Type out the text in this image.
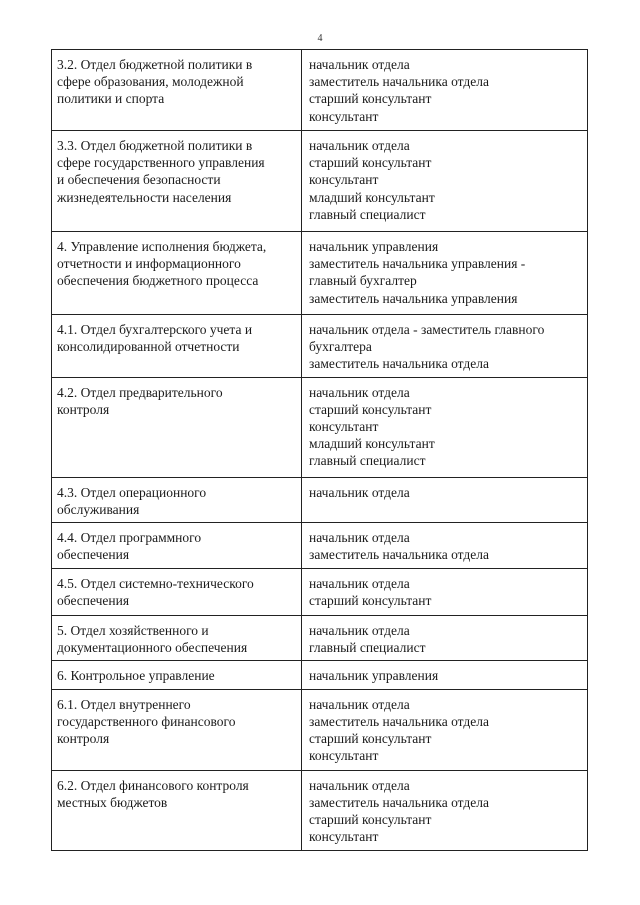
4
3.2. Отдел бюджетной политики в
сфере образования, молодежной
политики и спорта	начальник отдела
заместитель начальника отдела
старший консультант
консультант

3.3. Отдел бюджетной политики в
сфере государственного управления
и обеспечения безопасности
жизнедеятельности населения	начальник отдела
старший консультант
консультант
младший консультант
главный специалист

4. Управление исполнения бюджета,
отчетности и информационного
обеспечения бюджетного процесса	начальник управления
заместитель начальника управления -
главный бухгалтер
заместитель начальника управления

4.1. Отдел бухгалтерского учета и
консолидированной отчетности	начальник отдела - заместитель главного
бухгалтера
заместитель начальника отдела

4.2. Отдел предварительного
контроля	начальник отдела
старший консультант
консультант
младший консультант
главный специалист

4.3. Отдел операционного
обслуживания	начальник отдела

4.4. Отдел программного
обеспечения	начальник отдела
заместитель начальника отдела

4.5. Отдел системно-технического
обеспечения	начальник отдела
старший консультант

5. Отдел хозяйственного и
документационного обеспечения	начальник отдела
главный специалист

6. Контрольное управление	начальник управления

6.1. Отдел внутреннего
государственного финансового
контроля	начальник отдела
заместитель начальника отдела
старший консультант
консультант

6.2. Отдел финансового контроля
местных бюджетов	начальник отдела
заместитель начальника отдела
старший консультант
консультант
